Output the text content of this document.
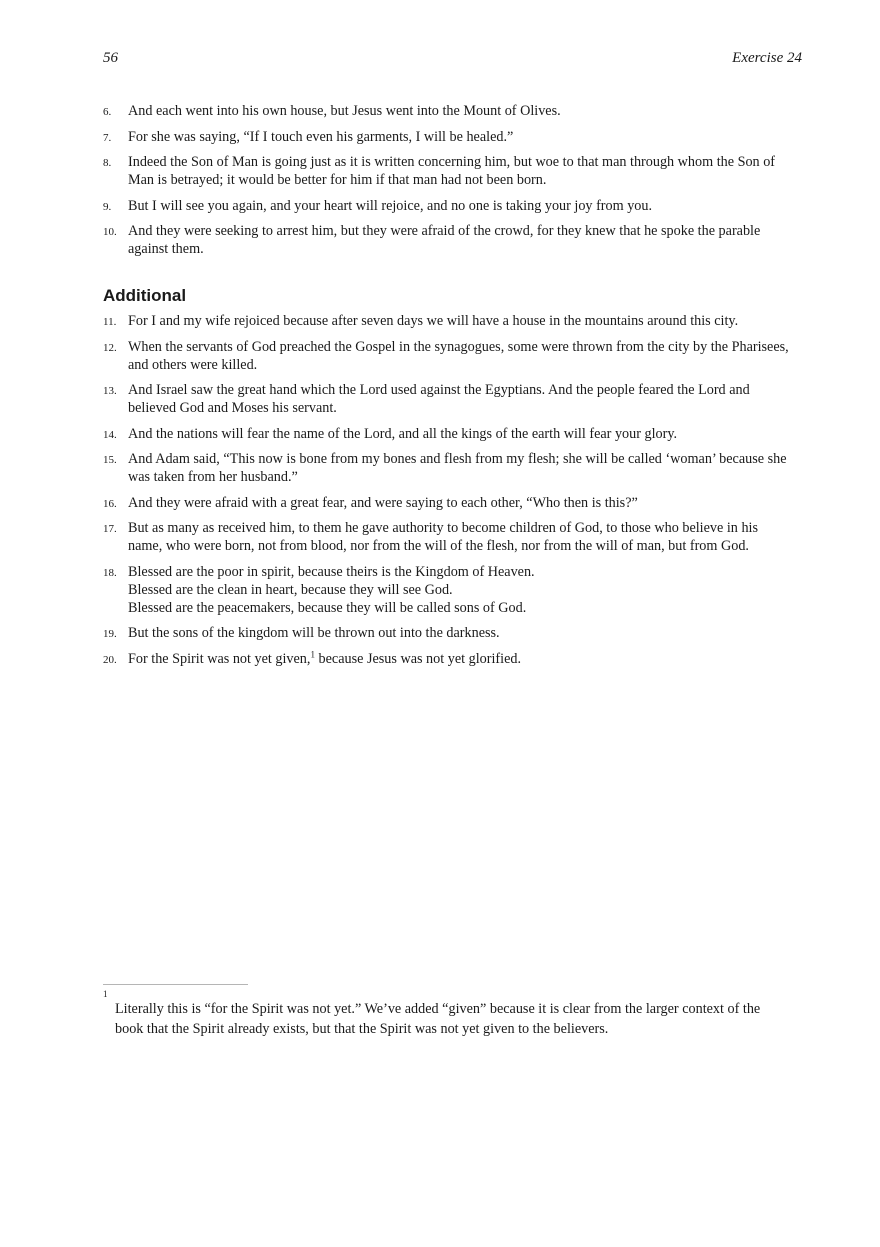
56	Exercise 24
6. And each went into his own house, but Jesus went into the Mount of Olives.
7. For she was saying, “If I touch even his garments, I will be healed.”
8. Indeed the Son of Man is going just as it is written concerning him, but woe to that man through whom the Son of
Man is betrayed; it would be better for him if that man had not been born.
9. But I will see you again, and your heart will rejoice, and no one is taking your joy from you.
10. And they were seeking to arrest him, but they were afraid of the crowd, for they knew that he spoke the parable
against them.
Additional
11. For I and my wife rejoiced because after seven days we will have a house in the mountains around this city.
12. When the servants of God preached the Gospel in the synagogues, some were thrown from the city by the Pharisees,
and others were killed.
13. And Israel saw the great hand which the Lord used against the Egyptians. And the people feared the Lord and
believed God and Moses his servant.
14. And the nations will fear the name of the Lord, and all the kings of the earth will fear your glory.
15. And Adam said, “This now is bone from my bones and flesh from my flesh; she will be called ‘woman’ because she
was taken from her husband.”
16. And they were afraid with a great fear, and were saying to each other, “Who then is this?”
17. But as many as received him, to them he gave authority to become children of God, to those who believe in his
name, who were born, not from blood, nor from the will of the flesh, nor from the will of man, but from God.
18. Blessed are the poor in spirit, because theirs is the Kingdom of Heaven.
Blessed are the clean in heart, because they will see God.
Blessed are the peacemakers, because they will be called sons of God.
19. But the sons of the kingdom will be thrown out into the darkness.
20. For the Spirit was not yet given,$^1$ because Jesus was not yet glorified.
1
Literally this is “for the Spirit was not yet.” We’ve added “given” because it is clear from the larger context of the
book that the Spirit already exists, but that the Spirit was not yet given to the believers.
